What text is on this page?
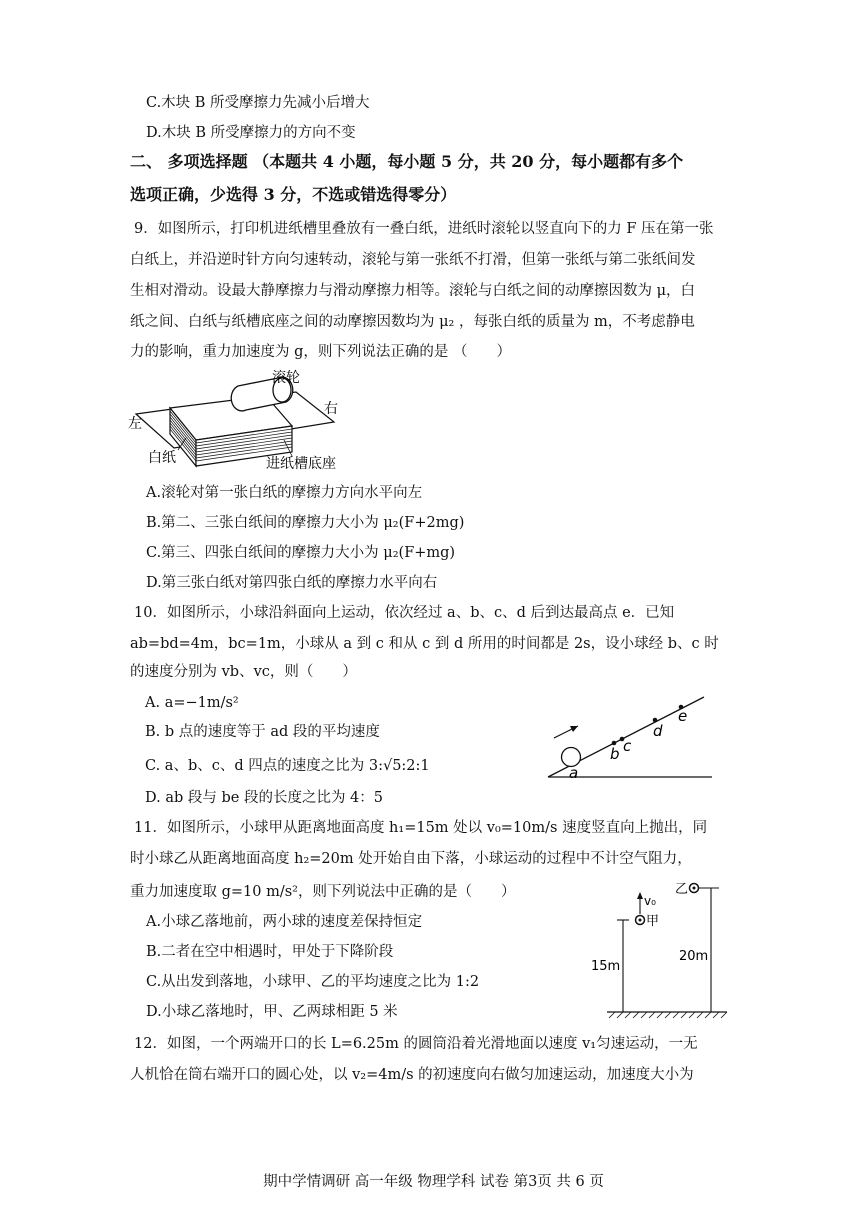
C.木块 B 所受摩擦力先减小后增大
D.木块 B 所受摩擦力的方向不变
二、 多项选择题 （本题共 4 小题，每小题 5 分，共 20 分，每小题都有多个
选项正确，少选得 3 分，不选或错选得零分）
9．如图所示，打印机进纸槽里叠放有一叠白纸，进纸时滚轮以竖直向下的力 F 压在第一张
白纸上，并沿逆时针方向匀速转动，滚轮与第一张纸不打滑，但第一张纸与第二张纸间发
生相对滑动。设最大静摩擦力与滑动摩擦力相等。滚轮与白纸之间的动摩擦因数为 μ，白
纸之间、白纸与纸槽底座之间的动摩擦因数均为 μ₂ ，每张白纸的质量为 m，不考虑静电
力的影响，重力加速度为 g，则下列说法正确的是 （　　）
滚轮
右
左
白纸	进纸槽底座
A.滚轮对第一张白纸的摩擦力方向水平向左
B.第二、三张白纸间的摩擦力大小为 μ₂(F+2mg)
C.第三、四张白纸间的摩擦力大小为 μ₂(F+mg)
D.第三张白纸对第四张白纸的摩擦力水平向右
10．如图所示，小球沿斜面向上运动，依次经过 a、b、c、d 后到达最高点 e．已知
ab=bd=4m，bc=1m，小球从 a 到 c 和从 c 到 d 所用的时间都是 2s，设小球经 b、c 时
的速度分别为 vb、vc，则（　　）
A. a=−1m/s²
B. b 点的速度等于 ad 段的平均速度
C. a、b、c、d 四点的速度之比为 3:√5:2:1
D. ab 段与 be 段的长度之比为 4：5
a
b c
d
e
11．如图所示，小球甲从距离地面高度 h₁=15m 处以 v₀=10m/s 速度竖直向上抛出，同
时小球乙从距离地面高度 h₂=20m 处开始自由下落，小球运动的过程中不计空气阻力，
重力加速度取 g=10 m/s²，则下列说法中正确的是（　　）
A.小球乙落地前，两小球的速度差保持恒定
B.二者在空中相遇时，甲处于下降阶段
C.从出发到落地，小球甲、乙的平均速度之比为 1:2
D.小球乙落地时，甲、乙两球相距 5 米
v₀
甲
乙
15m
20m
12．如图，一个两端开口的长 L=6.25m 的圆筒沿着光滑地面以速度 v₁匀速运动，一无
人机恰在筒右端开口的圆心处，以 v₂=4m/s 的初速度向右做匀加速运动，加速度大小为
期中学情调研 高一年级 物理学科 试卷 第3页 共 6 页
